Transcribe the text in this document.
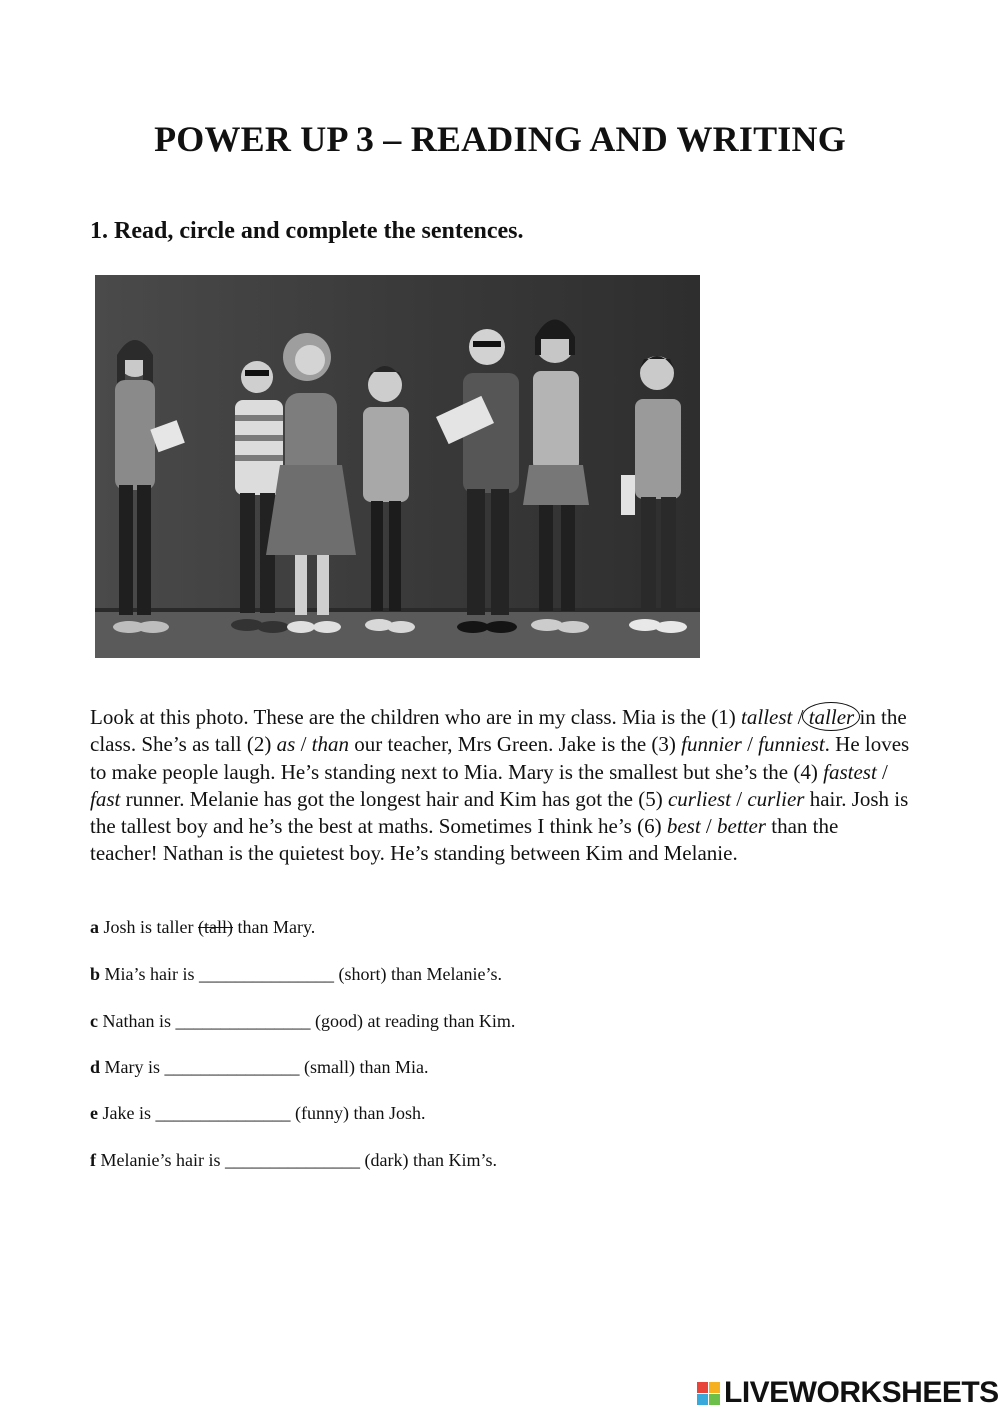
POWER UP 3 – READING AND WRITING

1. Read, circle and complete the sentences.

Look at this photo. These are the children who are in my class. Mia is the (1) tallest / taller in the class. She’s as tall (2) as / than our teacher, Mrs Green. Jake is the (3) funnier / funniest. He loves to make people laugh. He’s standing next to Mia. Mary is the smallest but she’s the (4) fastest / fast runner. Melanie has got the longest hair and Kim has got the (5) curliest / curlier hair. Josh is the tallest boy and he’s the best at maths. Sometimes I think he’s (6) best / better than the teacher! Nathan is the quietest boy. He’s standing between Kim and Melanie.
a Josh is taller (tall) than Mary.
b Mia’s hair is _______________ (short) than Melanie’s.
c Nathan is _______________ (good) at reading than Kim.
d Mary is _______________ (small) than Mia.
e Jake is _______________ (funny) than Josh.
f Melanie’s hair is _______________ (dark) than Kim’s.
LIVEWORKSHEETS
